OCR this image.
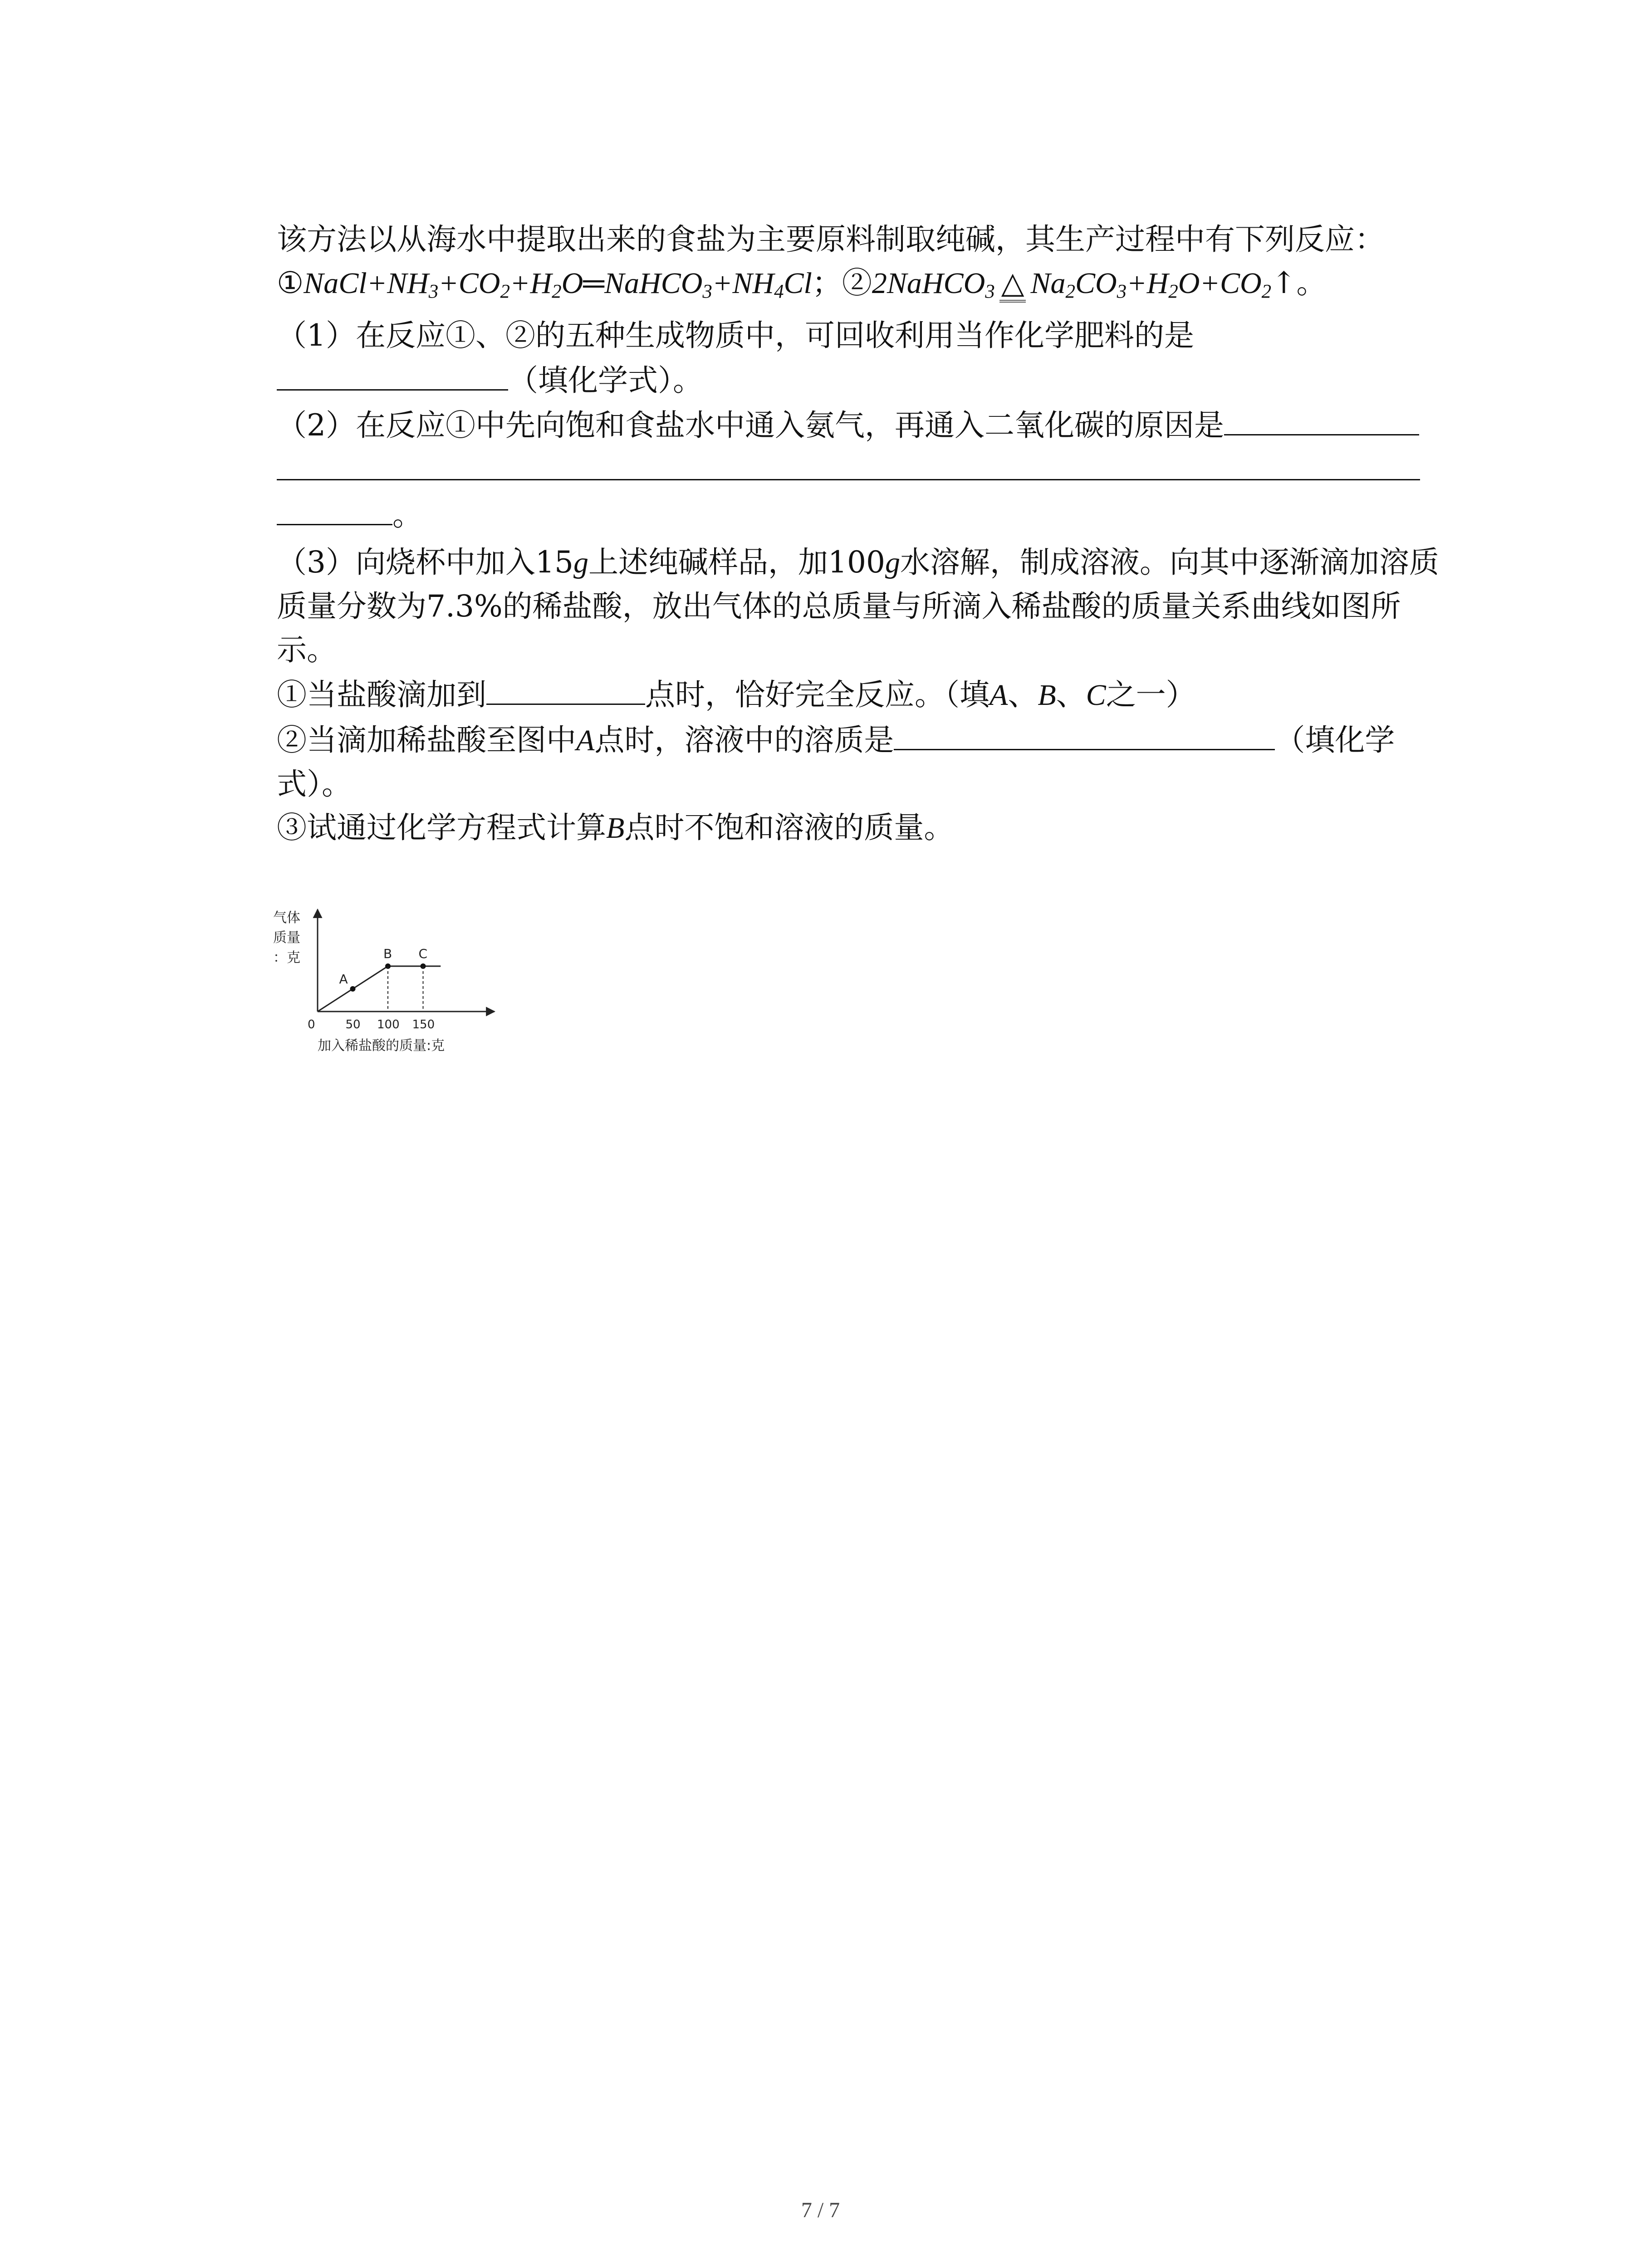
该方法以从海水中提取出来的食盐为主要原料制取纯碱，其生产过程中有下列反应：
$①NaCl+NH_3+CO_2+H_2O═NaHCO_3+NH_4Cl$；②2NaHCO$_3$ △ $Na_2CO_3+H_2O+CO_2↑$。
（1）在反应①、②的五种生成物质中，可回收利用当作化学肥料的是
（填化学式）。
（2）在反应①中先向饱和食盐水中通入氨气，再通入二氧化碳的原因是
。
（3）向烧杯中加入15g上述纯碱样品，加100g水溶解，制成溶液。向其中逐渐滴加溶质
质量分数为7.3%的稀盐酸，放出气体的总质量与所滴入稀盐酸的质量关系曲线如图所
示。
①当盐酸滴加到	点时，恰好完全反应。（填A、B、C之一）
②当滴加稀盐酸至图中A点时，溶液中的溶质是	（填化学
式）。
③试通过化学方程式计算B点时不饱和溶液的质量。
气体
质量
：克
0
A
B C
50 100 150
加入稀盐酸的质量:克
7 / 7
